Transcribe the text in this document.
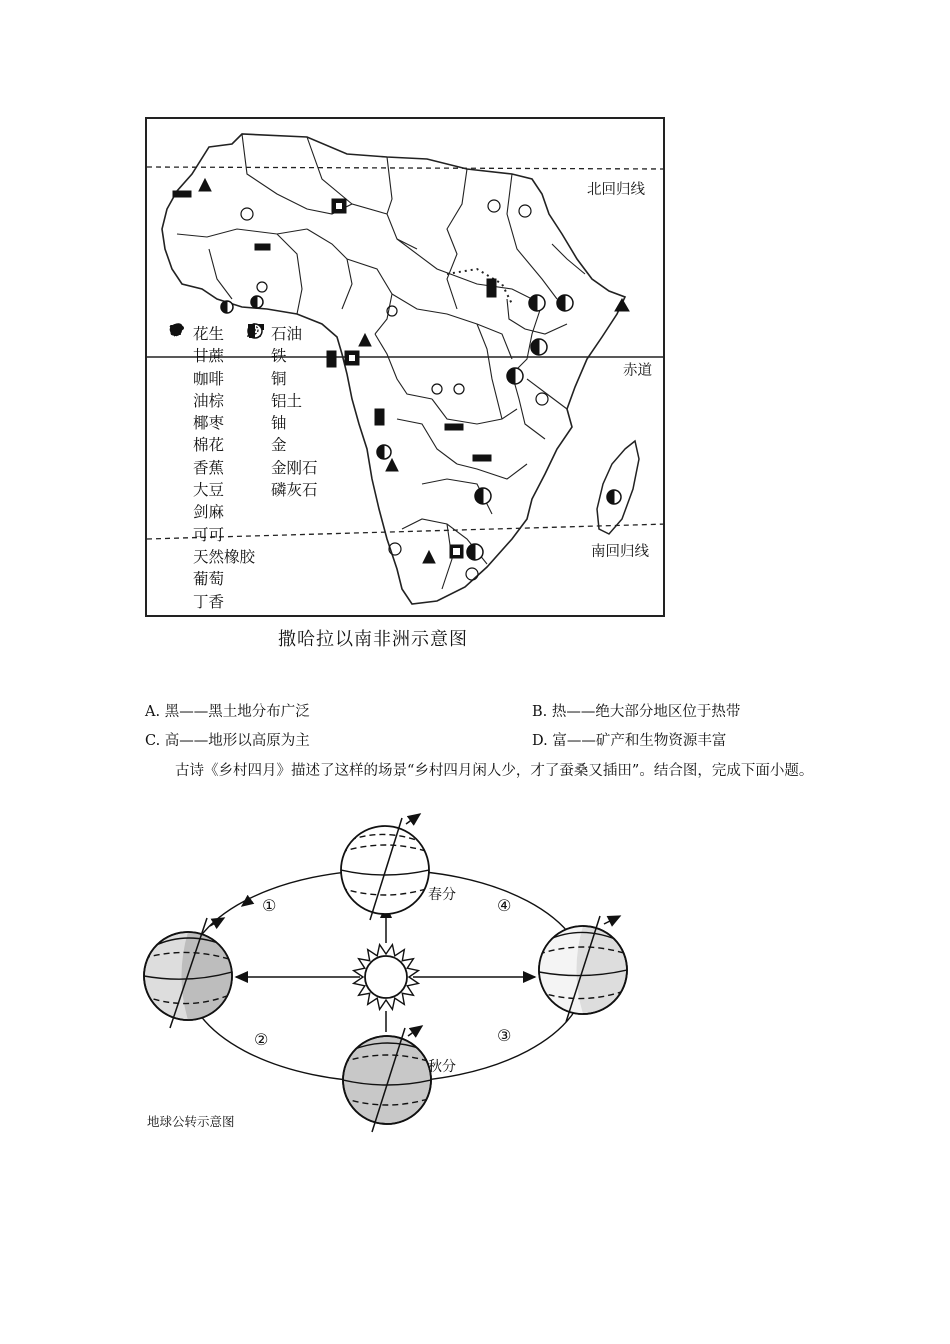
北回归线
赤道
南回归线
花生
甘蔗
咖啡
油棕
椰枣
棉花
香蕉
大豆
剑麻
可可
天然橡胶
葡萄
丁香
石油
铁
铜
铝土
铀
金
金刚石
磷灰石
撒哈拉以南非洲示意图
A. 黑——黑土地分布广泛	B. 热——绝大部分地区位于热带
C. 高——地形以高原为主	D. 富——矿产和生物资源丰富
古诗《乡村四月》描述了这样的场景“乡村四月闲人少，才了蚕桑又插田”。结合图，完成下面小题。
春分
秋分
①
②	③
④
地球公转示意图
